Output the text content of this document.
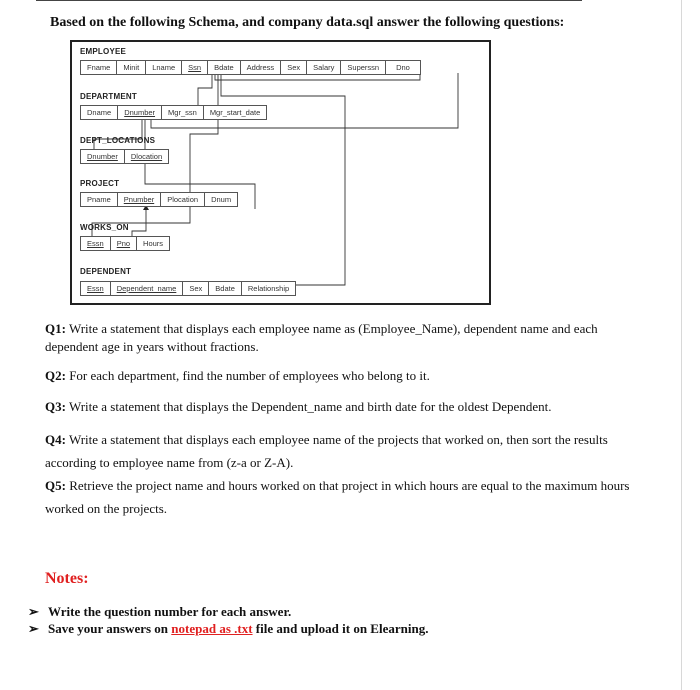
Based on the following Schema, and company data.sql answer the following questions:
EMPLOYEE
Fname	Minit	Lname	Ssn	Bdate	Address	Sex	Salary	Superssn	Dno
DEPARTMENT
Dname	Dnumber	Mgr_ssn	Mgr_start_date
DEPT_LOCATIONS
Dnumber	Dlocation
PROJECT
Pname	Pnumber	Plocation	Dnum
WORKS_ON
Essn	Pno	Hours
DEPENDENT
Essn	Dependent_name	Sex	Bdate	Relationship
Q1: Write a statement that displays each employee name as (Employee_Name), dependent name and each dependent age in years without fractions.
Q2: For each department, find the number of employees who belong to it.
Q3: Write a statement that displays the Dependent_name and birth date for the oldest Dependent.
Q4: Write a statement that displays each employee name of the projects that worked on, then sort the results according to employee name from (z-a or Z-A).
Q5: Retrieve the project name and hours worked on that project in which hours are equal to the maximum hours worked on the projects.
Notes:
➢ Write the question number for each answer.
➢ Save your answers on notepad as .txt file and upload it on Elearning.
